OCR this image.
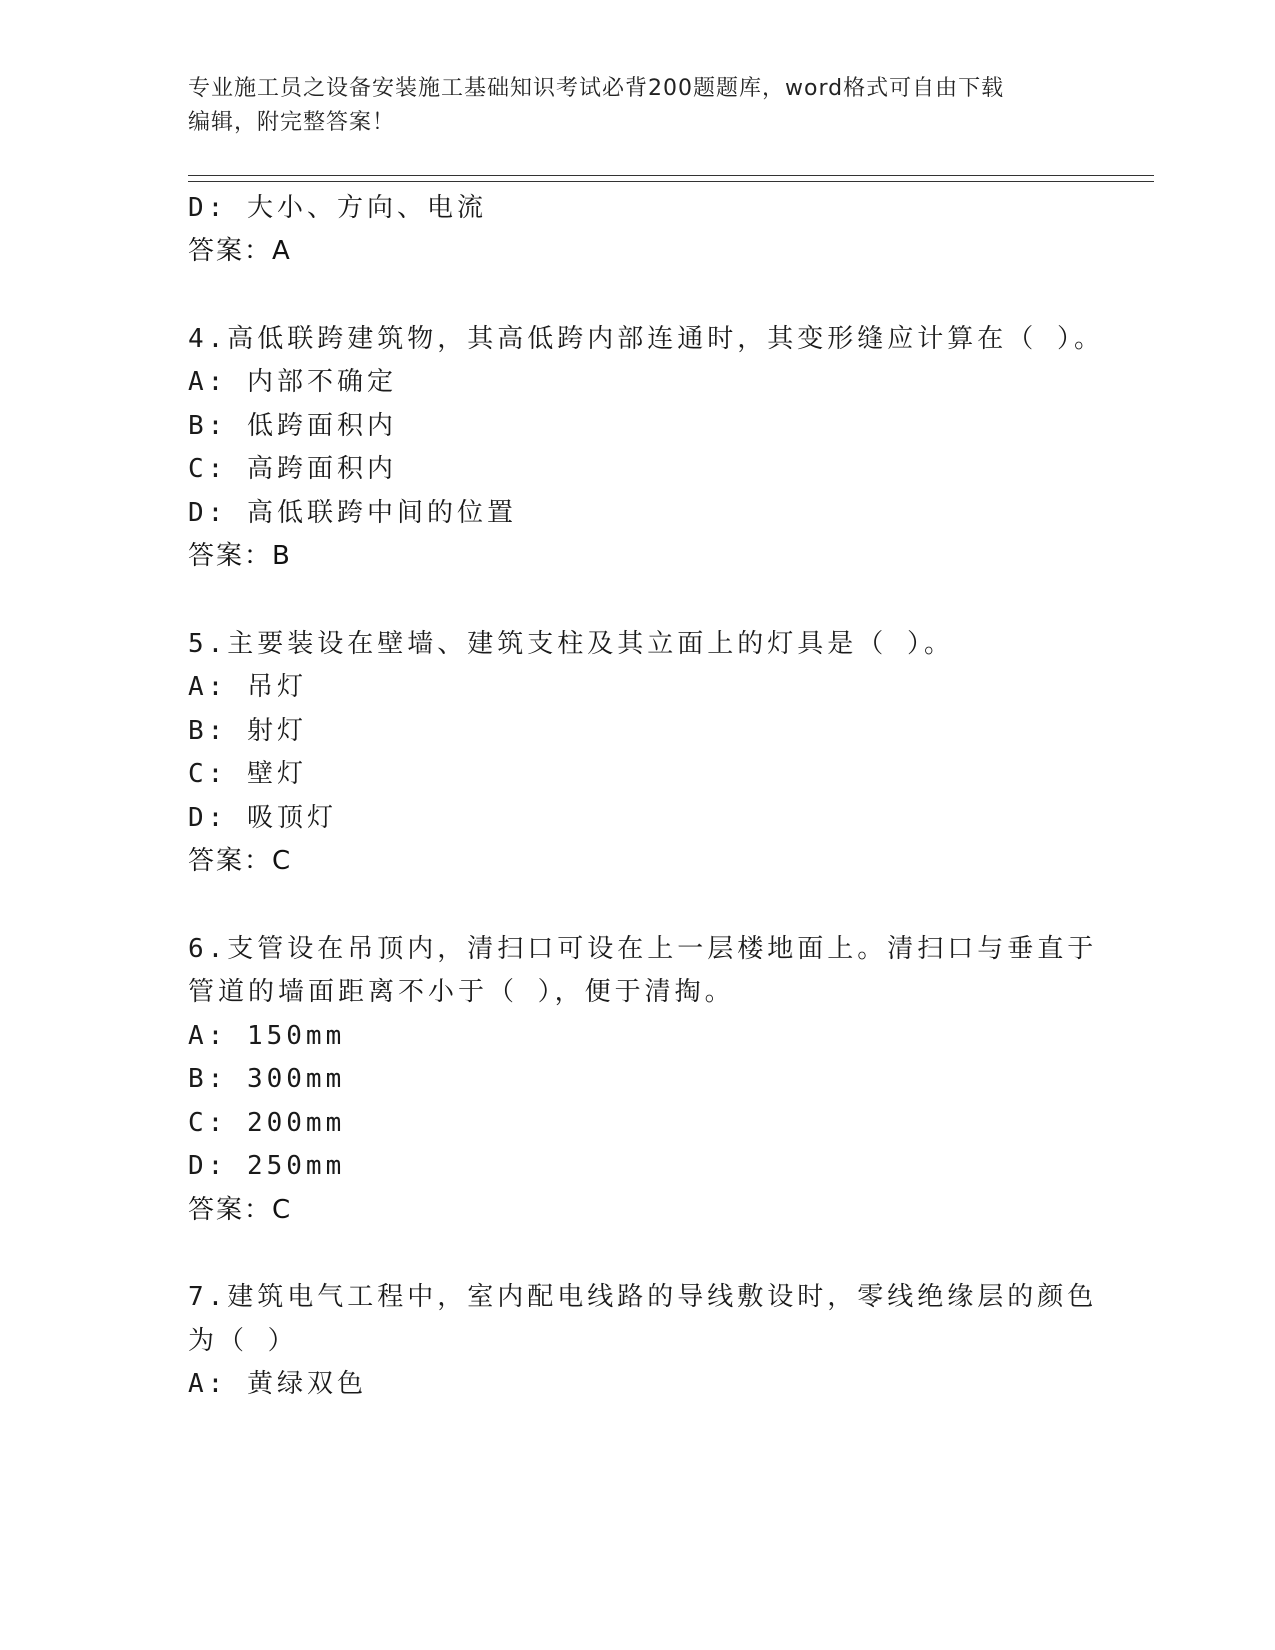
专业施工员之设备安装施工基础知识考试必背200题题库，word格式可自由下载
编辑，附完整答案！
D: 大小、方向、电流
答案：A
4.高低联跨建筑物，其高低跨内部连通时，其变形缝应计算在（ ）。
A: 内部不确定
B: 低跨面积内
C: 高跨面积内
D: 高低联跨中间的位置
答案：B
5.主要装设在壁墙、建筑支柱及其立面上的灯具是（ ）。
A: 吊灯
B: 射灯
C: 壁灯
D: 吸顶灯
答案：C
6.支管设在吊顶内，清扫口可设在上一层楼地面上。清扫口与垂直于
管道的墙面距离不小于（ ），便于清掏。
A: 150mm
B: 300mm
C: 200mm
D: 250mm
答案：C
7.建筑电气工程中，室内配电线路的导线敷设时，零线绝缘层的颜色
为（ ）
A: 黄绿双色
